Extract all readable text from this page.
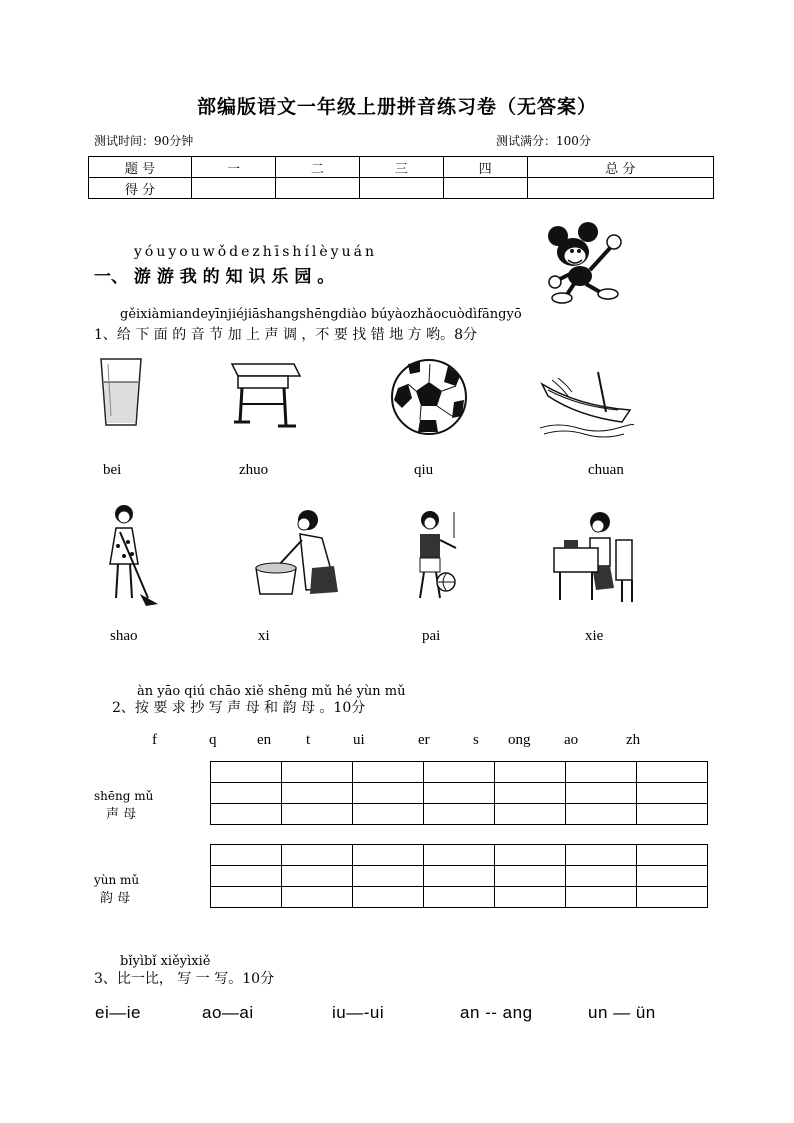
部编版语文一年级上册拼音练习卷（无答案）
测试时间：90分钟	测试满分：100分
题 号	一	二	三	四	总 分
得 分					
yóuyouwǒdezhīshílèyuán
一、 游 游 我 的 知 识 乐 园 。
gěixiàmiandeyīnjiéjiāshangshēngdiào búyàozhǎocuòdìfāngyō
1、给 下 面 的 音 节 加 上 声 调 ，不 要 找 错 地 方 哟。8分
bei	zhuo	qiu	chuan
shao	xi	pai	xie
àn yāo qiú chāo xiě shēng mǔ hé yùn mǔ
2、按 要 求 抄 写 声 母 和 韵 母 。10分
f	q	en t	ui	er	s ong ao	zh
shēng mǔ
声 母

yùn mǔ
韵 母

bǐyìbǐ xiěyìxiě
3、比一比， 写 一 写。10分
ei—ie	ao—ai	iu—-ui	an -- ang	un — ün
